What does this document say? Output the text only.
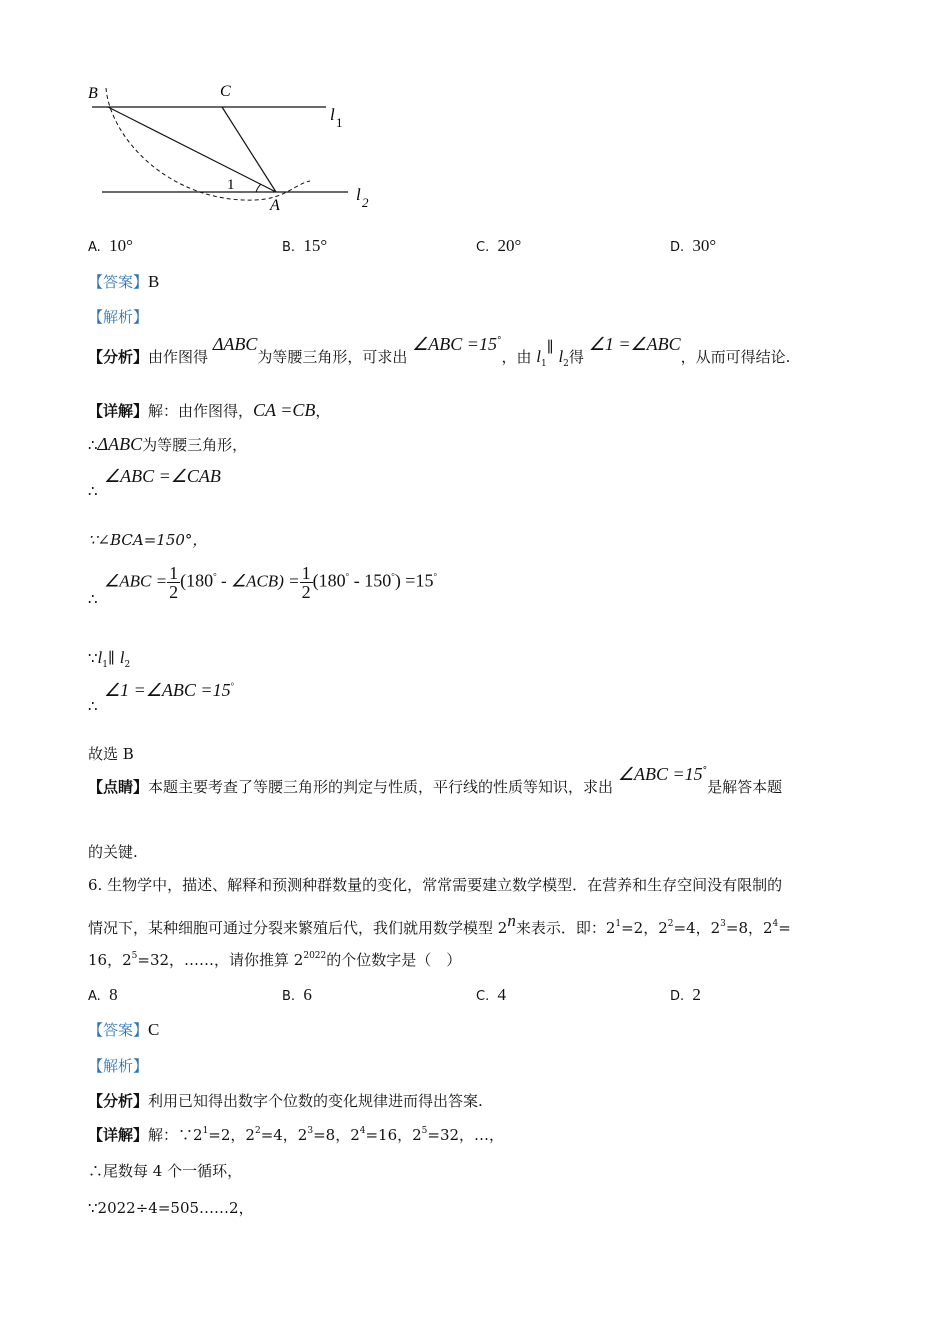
B	C
A
1
l 1
l 2
A. 10°	B. 15°	C. 20°	D. 30°
【答案】B
【解析】
【分析】由作图得 ΔABC为等腰三角形，可求出 ∠ABC =15°，由 $l_1\parallel$ $l_2$得 ∠1 =∠ABC，从而可得结论.
【详解】解：由作图得，CA =CB，
∴ΔABC为等腰三角形，
∠ABC =∠CAB
∴
∵∠BCA=150°，
∴
∠ABC = $\frac{1}{2} (180^\circ$ - ∠ACB) = $\frac{1}{2} (180^\circ - 150^\circ) =15^\circ$
$\because l_1\parallel$ $l_2$
∠1 =∠ABC =15°
∴
故选 B
【点睛】本题主要考查了等腰三角形的判定与性质，平行线的性质等知识，求出 ∠ABC =15°是解答本题
的关键.
6. 生物学中，描述、解释和预测种群数量的变化，常常需要建立数学模型．在营养和生存空间没有限制的
情况下，某种细胞可通过分裂来繁殖后代，我们就用数学模型 2$^n$来表示．即：$2^1=2$，$2^2=4$，$2^3=8$，$2^4=$
16，$2^5=32$，……，请你推算 $2^{2022}$的个位数字是（　）
A. 8	B. 6	C. 4	D. 2
【答案】C
【解析】
【分析】利用已知得出数字个位数的变化规律进而得出答案.
【详解】解：$\because 2^1=2$，$2^2=4$，$2^3=8$，$2^4=16$，$2^5=32$，…，
∴尾数每 4 个一循环，
∵2022÷4=505……2，
